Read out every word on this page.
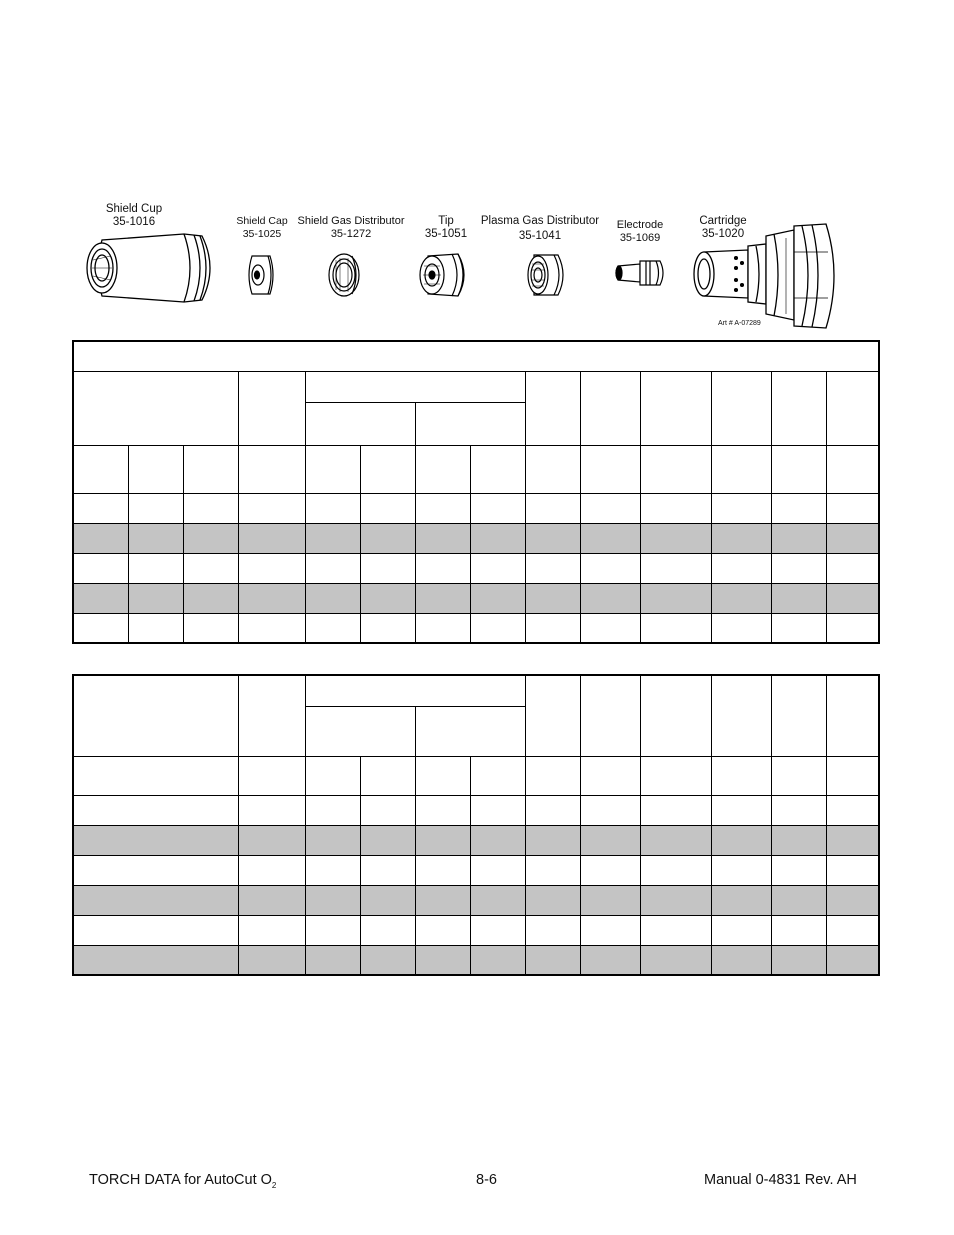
Shield Cup
35-1016	Shield Cap
35-1025
Shield Gas Distributor
35-1272
Tip
35-1051
Plasma Gas Distributor
35-1041
Electrode
35-1069
Cartridge
35-1020
Art # A-07289

TORCH DATA for AutoCut $O_2$	8-6	Manual 0-4831 Rev. AH
